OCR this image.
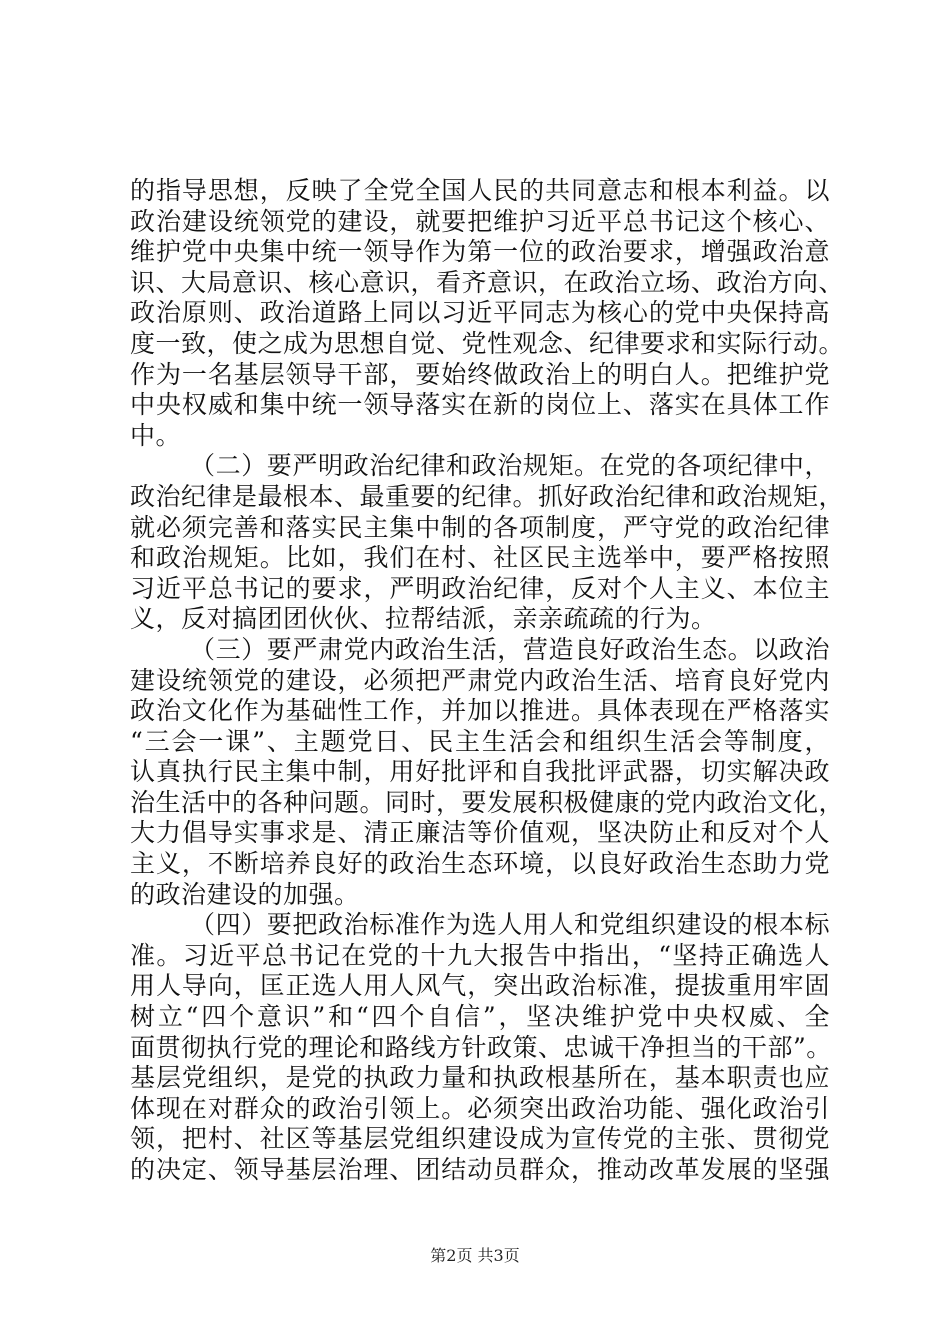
的指导思想，反映了全党全国人民的共同意志和根本利益。以
政治建设统领党的建设，就要把维护习近平总书记这个核心、
维护党中央集中统一领导作为第一位的政治要求，增强政治意
识、大局意识、核心意识，看齐意识，在政治立场、政治方向、
政治原则、政治道路上同以习近平同志为核心的党中央保持高
度一致，使之成为思想自觉、党性观念、纪律要求和实际行动。
作为一名基层领导干部，要始终做政治上的明白人。把维护党
中央权威和集中统一领导落实在新的岗位上、落实在具体工作
中。
（二）要严明政治纪律和政治规矩。在党的各项纪律中，
政治纪律是最根本、最重要的纪律。抓好政治纪律和政治规矩，
就必须完善和落实民主集中制的各项制度，严守党的政治纪律
和政治规矩。比如，我们在村、社区民主选举中，要严格按照
习近平总书记的要求，严明政治纪律，反对个人主义、本位主
义，反对搞团团伙伙、拉帮结派，亲亲疏疏的行为。
（三）要严肃党内政治生活，营造良好政治生态。以政治
建设统领党的建设，必须把严肃党内政治生活、培育良好党内
政治文化作为基础性工作，并加以推进。具体表现在严格落实
“三会一课”、主题党日、民主生活会和组织生活会等制度，
认真执行民主集中制，用好批评和自我批评武器，切实解决政
治生活中的各种问题。同时，要发展积极健康的党内政治文化，
大力倡导实事求是、清正廉洁等价值观，坚决防止和反对个人
主义，不断培养良好的政治生态环境，以良好政治生态助力党
的政治建设的加强。
（四）要把政治标准作为选人用人和党组织建设的根本标
准。习近平总书记在党的十九大报告中指出，“坚持正确选人
用人导向，匡正选人用人风气，突出政治标准，提拔重用牢固
树立“四个意识”和“四个自信”，坚决维护党中央权威、全
面贯彻执行党的理论和路线方针政策、忠诚干净担当的干部”。
基层党组织，是党的执政力量和执政根基所在，基本职责也应
体现在对群众的政治引领上。必须突出政治功能、强化政治引
领，把村、社区等基层党组织建设成为宣传党的主张、贯彻党
的决定、领导基层治理、团结动员群众，推动改革发展的坚强
第2页 共3页
